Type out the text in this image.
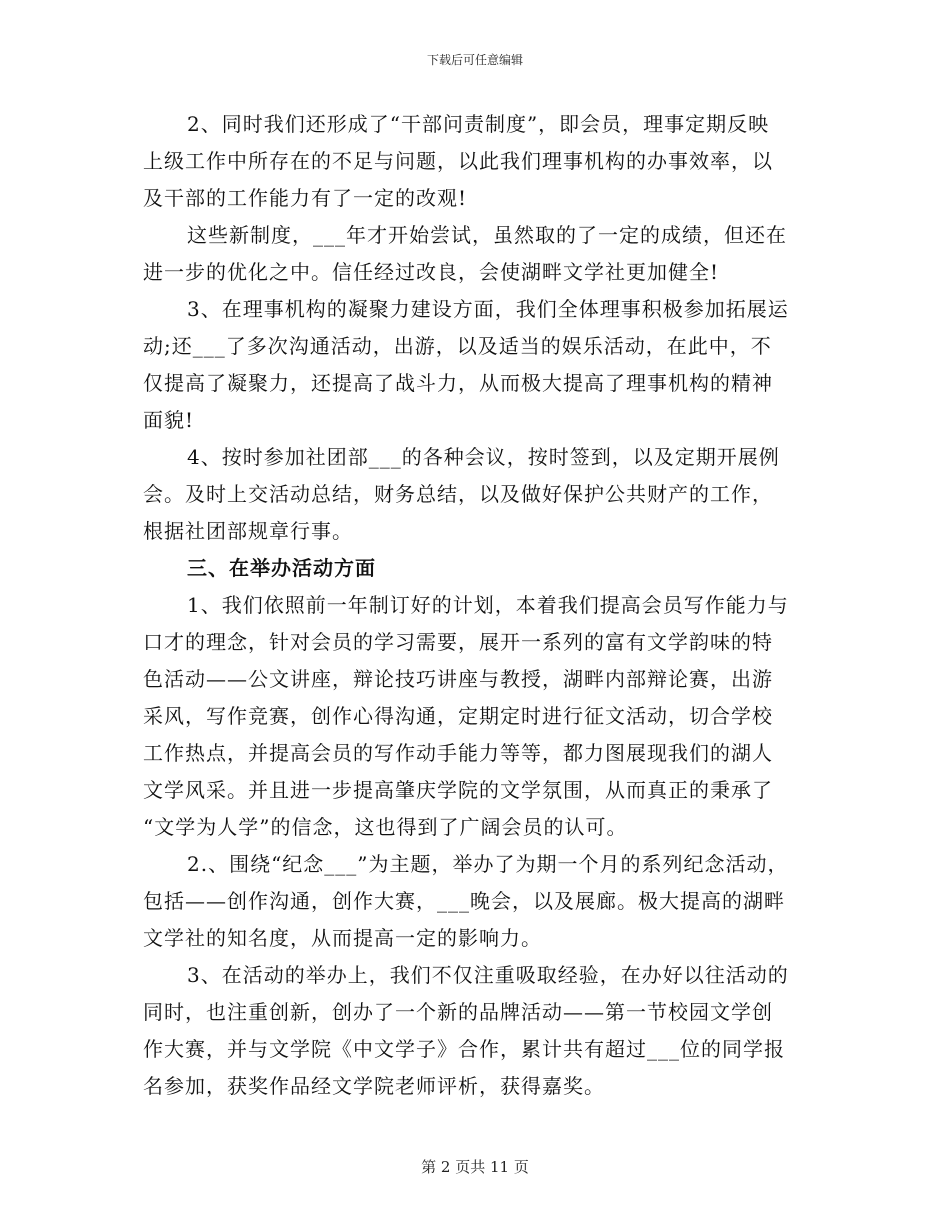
下载后可任意编辑
2、同时我们还形成了“干部问责制度”，即会员，理事定期反映
上级工作中所存在的不足与问题，以此我们理事机构的办事效率，以
及干部的工作能力有了一定的改观!
这些新制度，___年才开始尝试，虽然取的了一定的成绩，但还在
进一步的优化之中。信任经过改良，会使湖畔文学社更加健全!
3、在理事机构的凝聚力建设方面，我们全体理事积极参加拓展运
动;还___了多次沟通活动，出游，以及适当的娱乐活动，在此中，不
仅提高了凝聚力，还提高了战斗力，从而极大提高了理事机构的精神
面貌!
4、按时参加社团部___的各种会议，按时签到，以及定期开展例
会。及时上交活动总结，财务总结，以及做好保护公共财产的工作，
根据社团部规章行事。
三、在举办活动方面
1、我们依照前一年制订好的计划，本着我们提高会员写作能力与
口才的理念，针对会员的学习需要，展开一系列的富有文学韵味的特
色活动——公文讲座，辩论技巧讲座与教授，湖畔内部辩论赛，出游
采风，写作竞赛，创作心得沟通，定期定时进行征文活动，切合学校
工作热点，并提高会员的写作动手能力等等，都力图展现我们的湖人
文学风采。并且进一步提高肇庆学院的文学氛围，从而真正的秉承了
“文学为人学”的信念，这也得到了广阔会员的认可。
2.、围绕“纪念___”为主题，举办了为期一个月的系列纪念活动，
包括——创作沟通，创作大赛，___晚会，以及展廊。极大提高的湖畔
文学社的知名度，从而提高一定的影响力。
3、在活动的举办上，我们不仅注重吸取经验，在办好以往活动的
同时，也注重创新，创办了一个新的品牌活动——第一节校园文学创
作大赛，并与文学院《中文学子》合作，累计共有超过___位的同学报
名参加，获奖作品经文学院老师评析，获得嘉奖。
第 2 页共 11 页
